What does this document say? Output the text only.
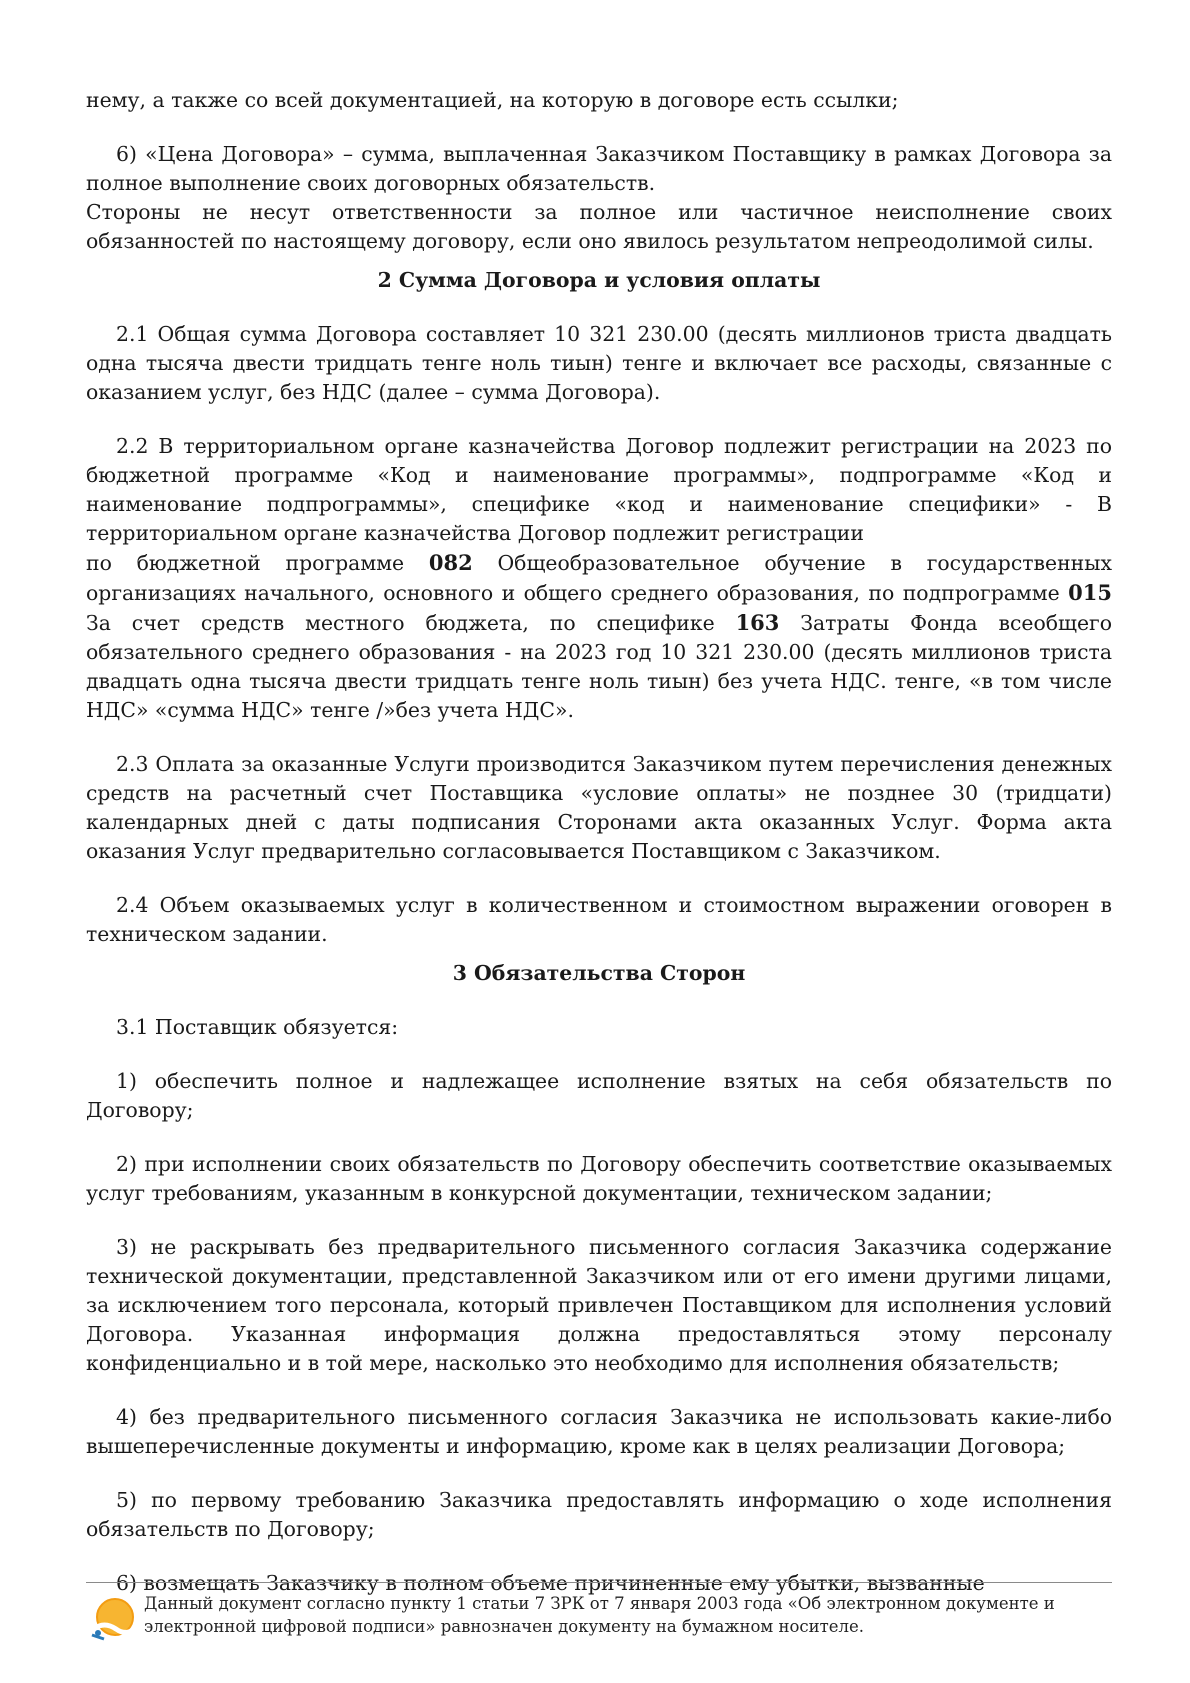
нему, а также со всей документацией, на которую в договоре есть ссылки;

6) «Цена Договора» – сумма, выплаченная Заказчиком Поставщику в рамках Договора за полное выполнение своих договорных обязательств.

Стороны не несут ответственности за полное или частичное неисполнение своих обязанностей по настоящему договору, если оно явилось результатом непреодолимой силы.

2 Сумма Договора и условия оплаты

2.1 Общая сумма Договора составляет 10 321 230.00 (десять миллионов триста двадцать одна тысяча двести тридцать тенге ноль тиын) тенге и включает все расходы, связанные с оказанием услуг, без НДС (далее – сумма Договора).

2.2 В территориальном органе казначейства Договор подлежит регистрации на 2023 по бюджетной программе «Код и наименование программы», подпрограмме «Код и наименование подпрограммы», специфике «код и наименование специфики» - В территориальном органе казначейства Договор подлежит регистрации

по бюджетной программе 082 Общеобразовательное обучение в государственных организациях начального, основного и общего среднего образования, по подпрограмме 015 За счет средств местного бюджета, по специфике 163 Затраты Фонда всеобщего обязательного среднего образования - на 2023 год 10 321 230.00 (десять миллионов триста двадцать одна тысяча двести тридцать тенге ноль тиын) без учета НДС. тенге, «в том числе НДС» «сумма НДС» тенге /»без учета НДС».

2.3 Оплата за оказанные Услуги производится Заказчиком путем перечисления денежных средств на расчетный счет Поставщика «условие оплаты» не позднее 30 (тридцати) календарных дней с даты подписания Сторонами акта оказанных Услуг. Форма акта оказания Услуг предварительно согласовывается Поставщиком с Заказчиком.

2.4 Объем оказываемых услуг в количественном и стоимостном выражении оговорен в техническом задании.

3 Обязательства Сторон

3.1 Поставщик обязуется:

1) обеспечить полное и надлежащее исполнение взятых на себя обязательств по Договору;

2) при исполнении своих обязательств по Договору обеспечить соответствие оказываемых услуг требованиям, указанным в конкурсной документации, техническом задании;

3) не раскрывать без предварительного письменного согласия Заказчика содержание технической документации, представленной Заказчиком или от его имени другими лицами, за исключением того персонала, который привлечен Поставщиком для исполнения условий Договора. Указанная информация должна предоставляться этому персоналу конфиденциально и в той мере, насколько это необходимо для исполнения обязательств;

4) без предварительного письменного согласия Заказчика не использовать какие-либо вышеперечисленные документы и информацию, кроме как в целях реализации Договора;

5) по первому требованию Заказчика предоставлять информацию о ходе исполнения обязательств по Договору;

6) возмещать Заказчику в полном объеме причиненные ему убытки, вызванные

Данный документ согласно пункту 1 статьи 7 ЗРК от 7 января 2003 года «Об электронном документе и электронной цифровой подписи» равнозначен документу на бумажном носителе.
